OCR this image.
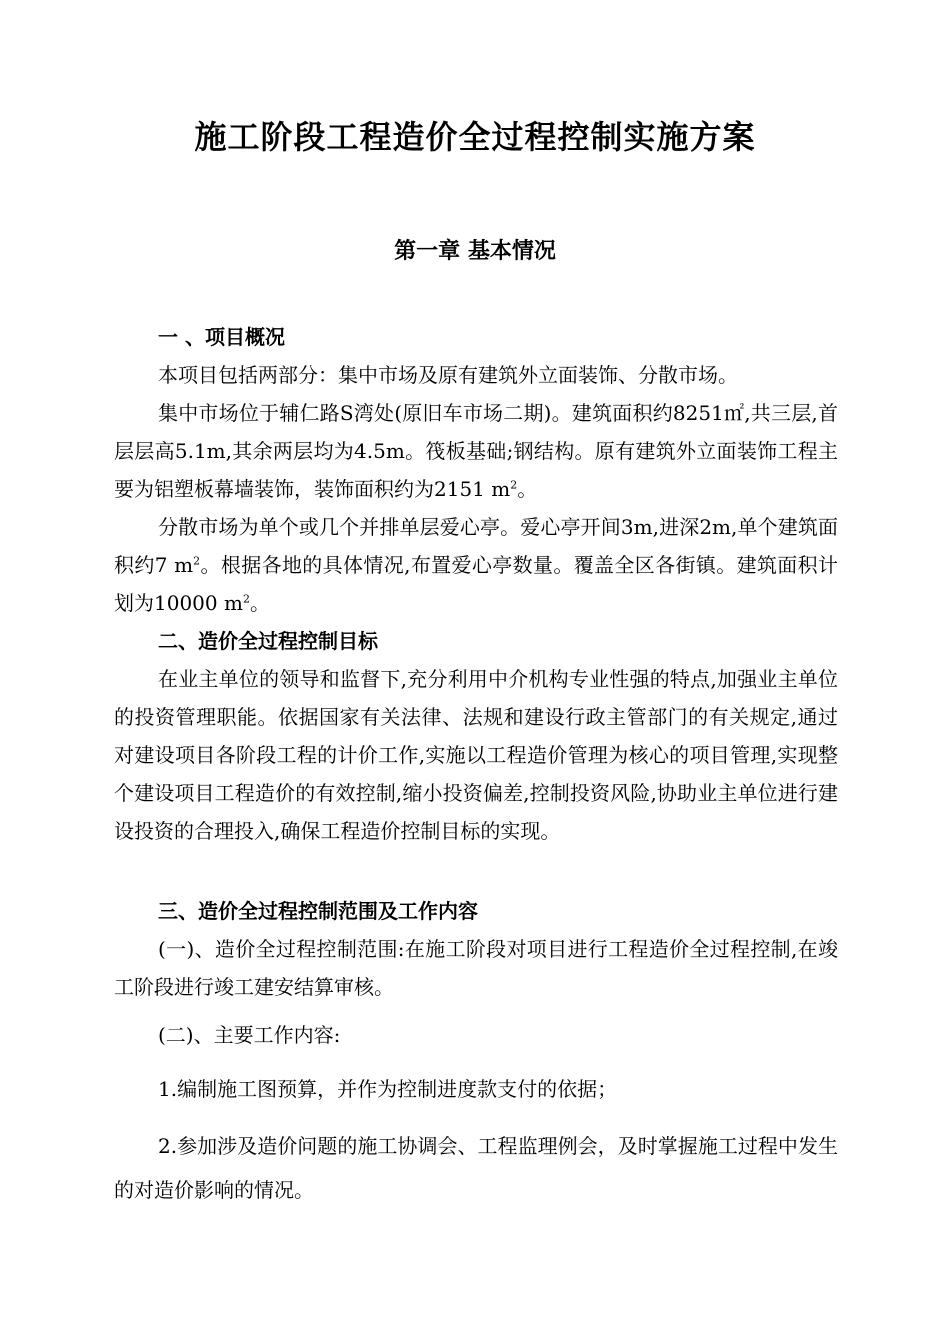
施工阶段工程造价全过程控制实施方案
第一章 基本情况
一 、项目概况
本项目包括两部分：集中市场及原有建筑外立面装饰、分散市场。
集中市场位于辅仁路S湾处(原旧车市场二期)。建筑面积约8251㎡,共三层,首层层高5.1m,其余两层均为4.5m。筏板基础;钢结构。原有建筑外立面装饰工程主要为铝塑板幕墙装饰，装饰面积约为2151 $m^2$。
分散市场为单个或几个并排单层爱心亭。爱心亭开间3m,进深2m,单个建筑面积约7 $m^2$。根据各地的具体情况,布置爱心亭数量。覆盖全区各街镇。建筑面积计划为10000 $m^2$。
二、造价全过程控制目标
在业主单位的领导和监督下,充分利用中介机构专业性强的特点,加强业主单位的投资管理职能。依据国家有关法律、法规和建设行政主管部门的有关规定,通过对建设项目各阶段工程的计价工作,实施以工程造价管理为核心的项目管理,实现整个建设项目工程造价的有效控制,缩小投资偏差,控制投资风险,协助业主单位进行建设投资的合理投入,确保工程造价控制目标的实现。
三、造价全过程控制范围及工作内容
(一)、造价全过程控制范围:在施工阶段对项目进行工程造价全过程控制,在竣工阶段进行竣工建安结算审核。
(二)、主要工作内容:
1.编制施工图预算，并作为控制进度款支付的依据；
2.参加涉及造价问题的施工协调会、工程监理例会，及时掌握施工过程中发生的对造价影响的情况。
